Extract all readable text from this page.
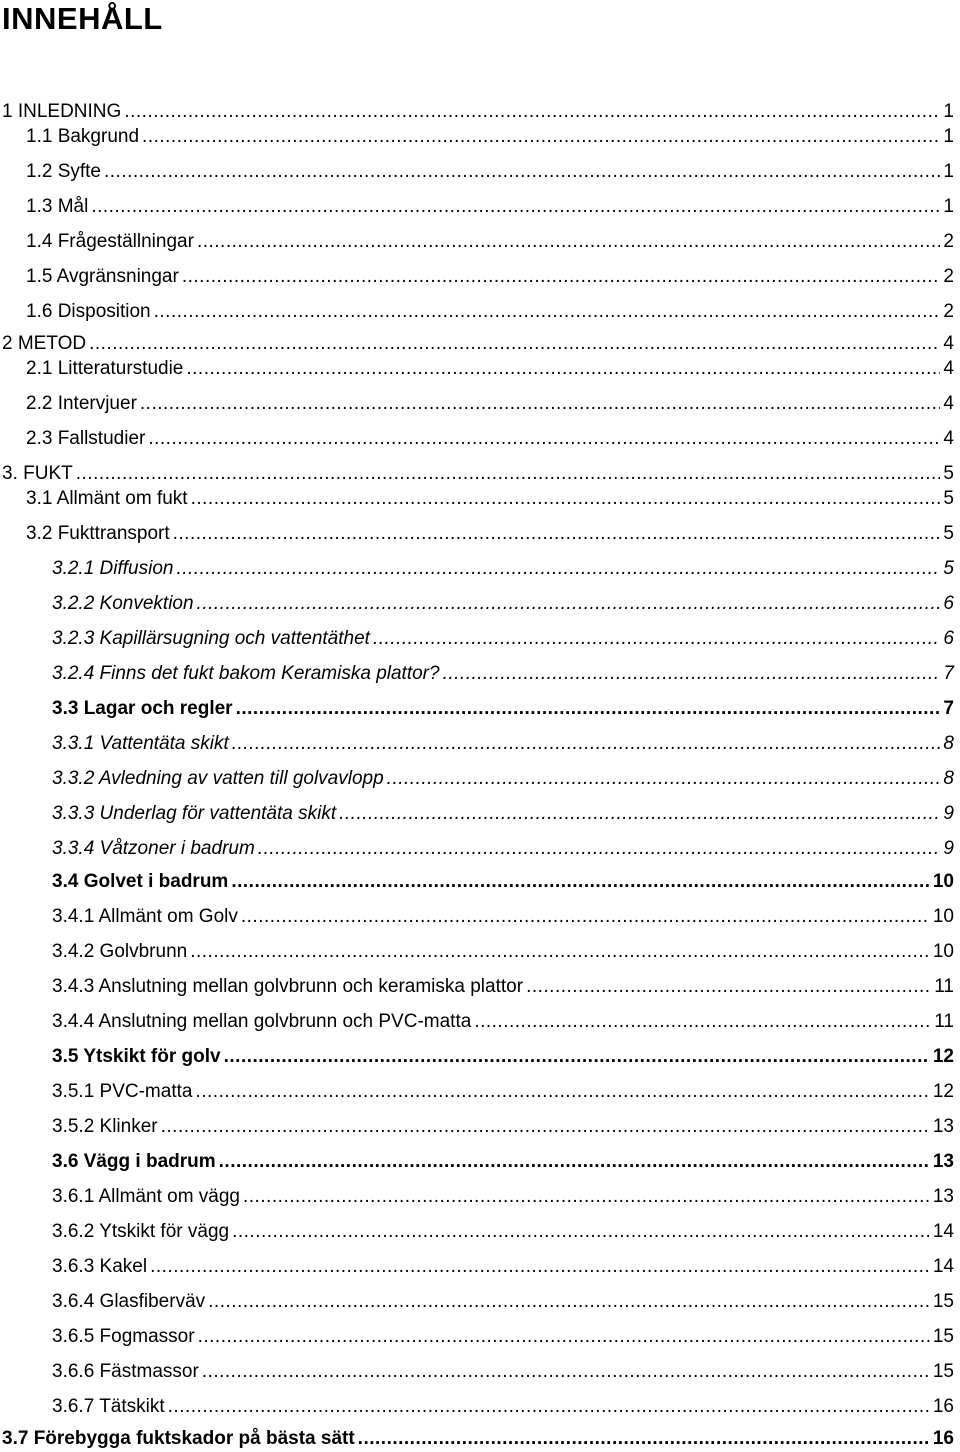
INNEHÅLL
1 INLEDNING .....	1
1.1 Bakgrund .....	1
1.2 Syfte .....	1
1.3 Mål .....	1
1.4 Frågeställningar .....	2
1.5 Avgränsningar .....	2
1.6 Disposition .....	2
2 METOD .....	4
2.1 Litteraturstudie .....	4
2.2 Intervjuer .....	4
2.3 Fallstudier .....	4
3. FUKT .....	5
3.1 Allmänt om fukt .....	5
3.2 Fukttransport .....	5
3.2.1 Diffusion .....	5
3.2.2 Konvektion .....	6
3.2.3 Kapillärsugning och vattentäthet .....	6
3.2.4 Finns det fukt bakom Keramiska plattor? .....	7
3.3 Lagar och regler .....	7
3.3.1 Vattentäta skikt .....	8
3.3.2 Avledning av vatten till golvavlopp .....	8
3.3.3 Underlag för vattentäta skikt .....	9
3.3.4 Våtzoner i badrum .....	9
3.4 Golvet i badrum .....	10
3.4.1 Allmänt om Golv .....	10
3.4.2 Golvbrunn .....	10
3.4.3 Anslutning mellan golvbrunn och keramiska plattor .....	11
3.4.4 Anslutning mellan golvbrunn och PVC-matta .....	11
3.5 Ytskikt för golv .....	12
3.5.1 PVC-matta .....	12
3.5.2 Klinker .....	13
3.6 Vägg i badrum .....	13
3.6.1 Allmänt om vägg .....	13
3.6.2 Ytskikt för vägg .....	14
3.6.3 Kakel .....	14
3.6.4 Glasfiberväv .....	15
3.6.5 Fogmassor .....	15
3.6.6 Fästmassor .....	15
3.6.7 Tätskikt .....	16
3.7 Förebygga fuktskador på bästa sätt .....	16
